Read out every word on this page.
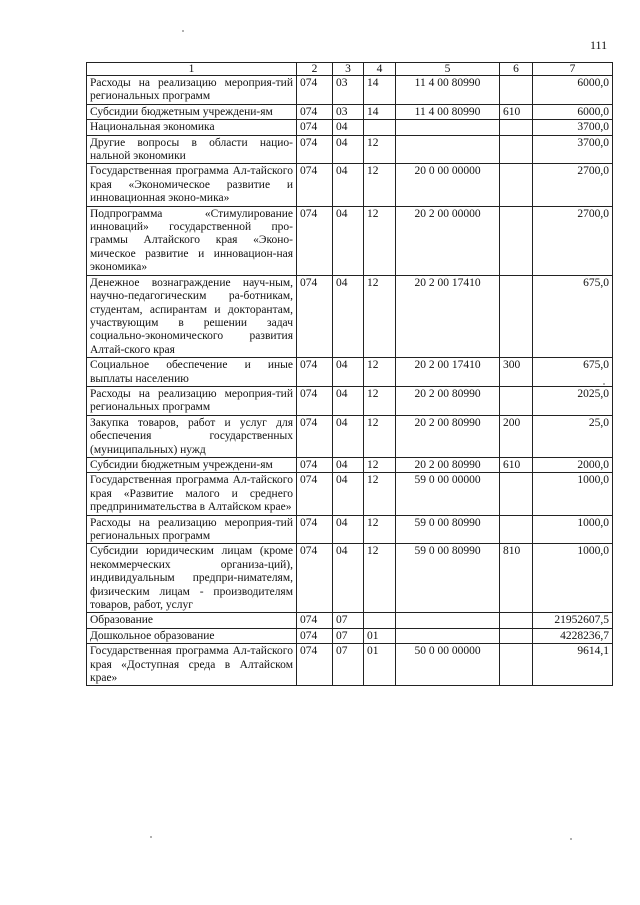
111
1	2	3	4	5	6	7
Расходы на реализацию мероприя-тий региональных программ	074	03	14	11 4 00 80990		6000,0
Субсидии бюджетным учреждени-ям	074	03	14	11 4 00 80990	610	6000,0
Национальная экономика	074	04				3700,0
Другие вопросы в области нацио-нальной экономики	074	04	12			3700,0
Государственная программа Ал-тайского края «Экономическое развитие и инновационная эконо-мика»	074	04	12	20 0 00 00000		2700,0
Подпрограмма «Стимулирование инноваций» государственной про-граммы Алтайского края «Эконо-мическое развитие и инновацион-ная экономика»	074	04	12	20 2 00 00000		2700,0
Денежное вознаграждение науч-ным, научно-педагогическим ра-ботникам, студентам, аспирантам и докторантам, участвующим в решении задач социально-экономического развития Алтай-ского края	074	04	12	20 2 00 17410		675,0
Социальное обеспечение и иные выплаты населению	074	04	12	20 2 00 17410	300	675,0
Расходы на реализацию мероприя-тий региональных программ	074	04	12	20 2 00 80990		2025,0
Закупка товаров, работ и услуг для обеспечения государственных (муниципальных) нужд	074	04	12	20 2 00 80990	200	25,0
Субсидии бюджетным учреждени-ям	074	04	12	20 2 00 80990	610	2000,0
Государственная программа Ал-тайского края «Развитие малого и среднего предпринимательства в Алтайском крае»	074	04	12	59 0 00 00000		1000,0
Расходы на реализацию мероприя-тий региональных программ	074	04	12	59 0 00 80990		1000,0
Субсидии юридическим лицам (кроме некоммерческих организа-ций), индивидуальным предпри-нимателям, физическим лицам - производителям товаров, работ, услуг	074	04	12	59 0 00 80990	810	1000,0
Образование	074	07				21952607,5
Дошкольное образование	074	07	01			4228236,7
Государственная программа Ал-тайского края «Доступная среда в Алтайском крае»	074	07	01	50 0 00 00000		9614,1
